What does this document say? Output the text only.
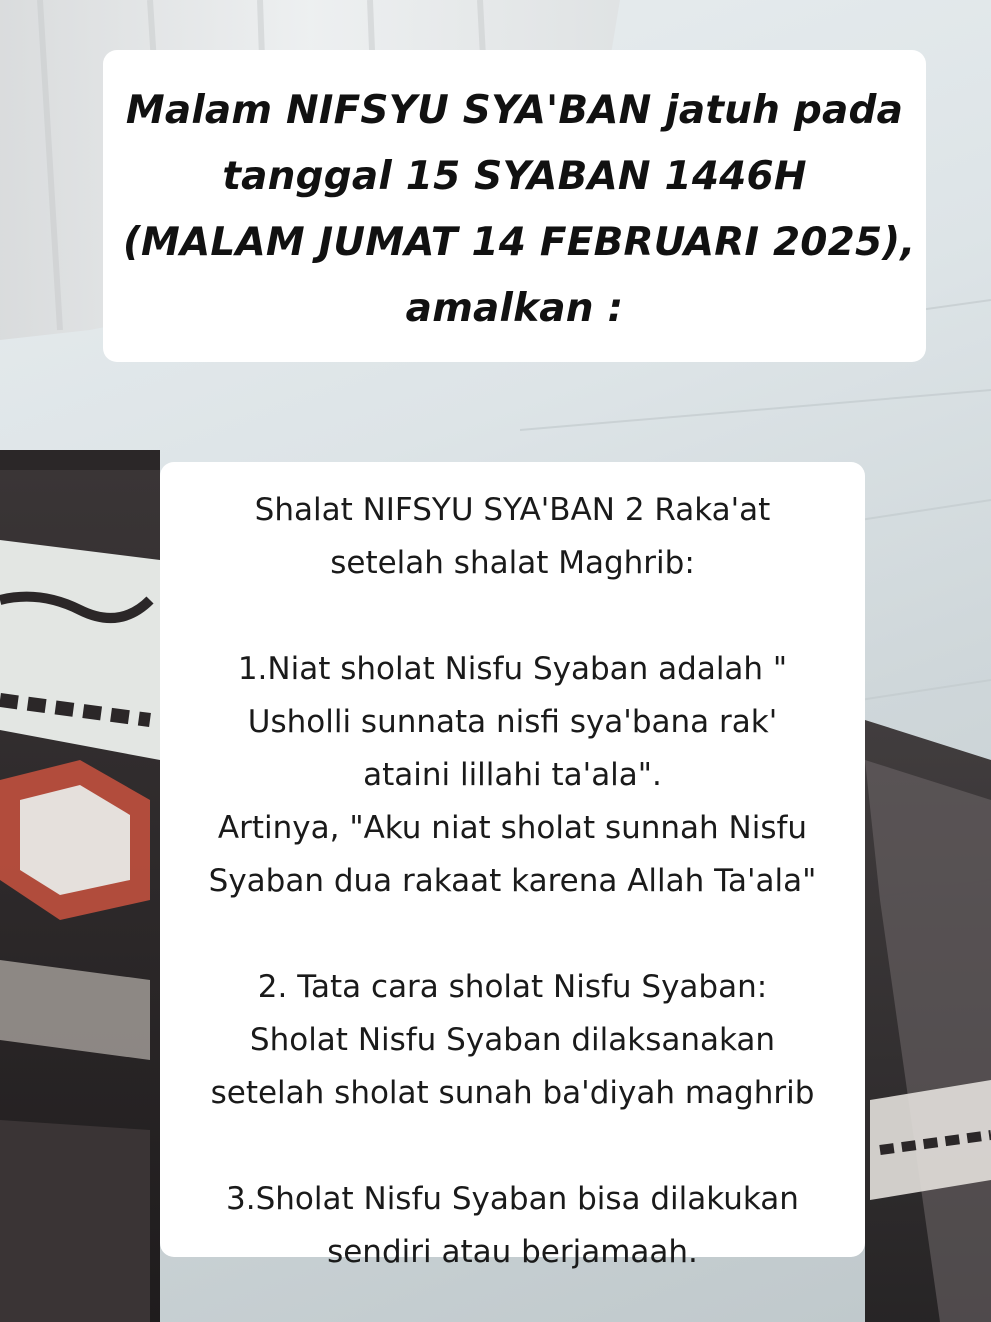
Malam NIFSYU SYA'BAN jatuh pada
tanggal 15 SYABAN 1446H
(MALAM JUMAT 14 FEBRUARI 2025),
amalkan :
Shalat NIFSYU SYA'BAN 2 Raka'at
setelah shalat Maghrib:
1.Niat sholat Nisfu Syaban adalah "
Usholli sunnata nisfi sya'bana rak'
ataini lillahi ta'ala".
Artinya, "Aku niat sholat sunnah Nisfu
Syaban dua rakaat karena Allah Ta'ala"
2. Tata cara sholat Nisfu Syaban:
Sholat Nisfu Syaban dilaksanakan
setelah sholat sunah ba'diyah maghrib
3.Sholat Nisfu Syaban bisa dilakukan
sendiri atau berjamaah.
